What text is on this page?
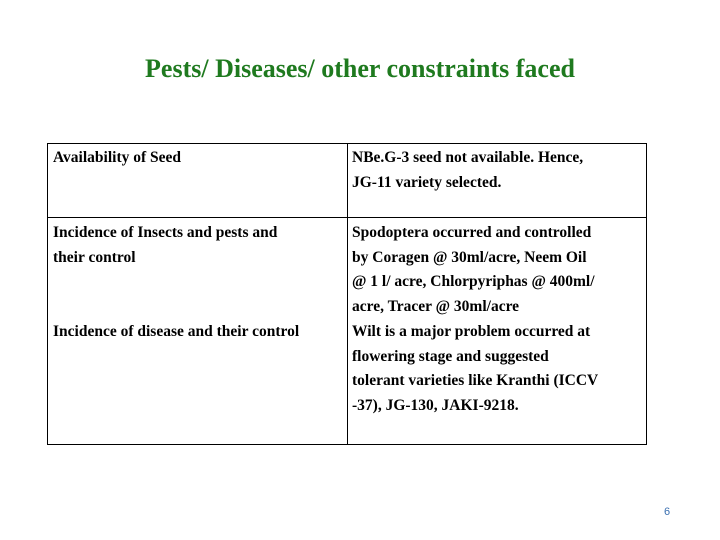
Pests/ Diseases/ other constraints faced
Availability of Seed	NBe.G-3 seed not available. Hence,
JG-11 variety selected.
Incidence of Insects and pests and
their control
Spodoptera occurred and controlled
by Coragen @ 30ml/acre, Neem Oil
@ 1 l/ acre, Chlorpyriphas @ 400ml/
acre, Tracer @ 30ml/acre
Incidence of disease and their control	Wilt is a major problem occurred at
flowering stage and suggested
tolerant varieties like Kranthi (ICCV
-37), JG-130, JAKI-9218.
6
